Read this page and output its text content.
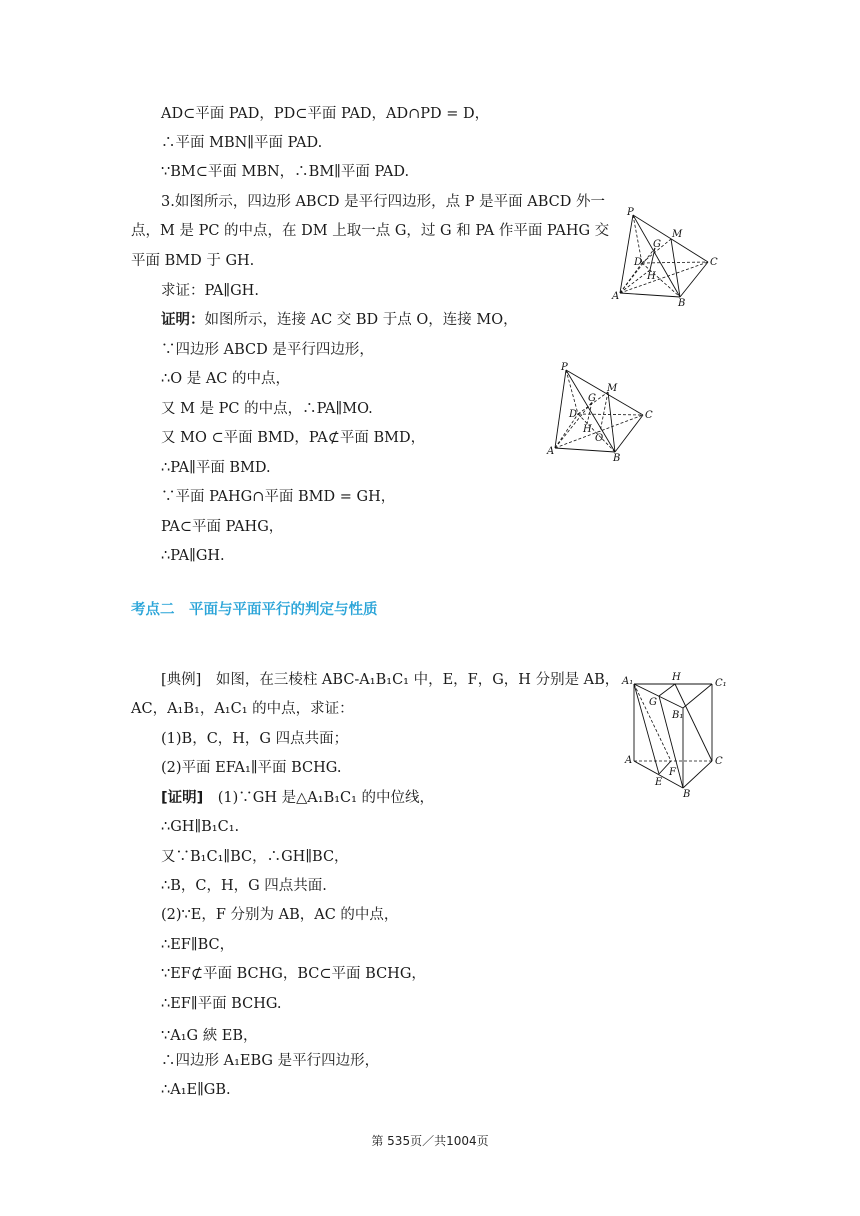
AD⊂平面 PAD，PD⊂平面 PAD，AD∩PD = D，
∴平面 MBN∥平面 PAD.
∵BM⊂平面 MBN，∴BM∥平面 PAD.
3.如图所示，四边形 ABCD 是平行四边形，点 P 是平面 ABCD 外一
点，M 是 PC 的中点，在 DM 上取一点 G，过 G 和 PA 作平面 PAHG 交
平面 BMD 于 GH.
求证：PA∥GH.
证明：如图所示，连接 AC 交 BD 于点 O，连接 MO，
∵四边形 ABCD 是平行四边形，
∴O 是 AC 的中点，
又 M 是 PC 的中点，∴PA∥MO.
又 MO ⊂平面 BMD，PA⊄平面 BMD，
∴PA∥平面 BMD.
∵平面 PAHG∩平面 BMD = GH，
PA⊂平面 PAHG，
∴PA∥GH.
考点二　平面与平面平行的判定与性质
[典例]　如图，在三棱柱 ABC-A₁B₁C₁ 中，E，F，G，H 分别是 AB，
AC，A₁B₁，A₁C₁ 的中点，求证：
(1)B，C，H，G 四点共面；
(2)平面 EFA₁∥平面 BCHG.
[证明]　(1)∵GH 是△A₁B₁C₁ 的中位线，
∴GH∥B₁C₁.
又∵B₁C₁∥BC，∴GH∥BC，
∴B，C，H，G 四点共面.
(2)∵E，F 分别为 AB，AC 的中点，
∴EF∥BC，
∵EF⊄平面 BCHG，BC⊂平面 BCHG，
∴EF∥平面 BCHG.
∵A₁G 綊 EB，
∴四边形 A₁EBG 是平行四边形，
∴A₁E∥GB.
P
M
G
D
H
C
A
B
P
M
G
D
H
O
C
A
B
A₁	H
C₁
G
B₁
A	C
F
E
B
第 535页／共1004页
